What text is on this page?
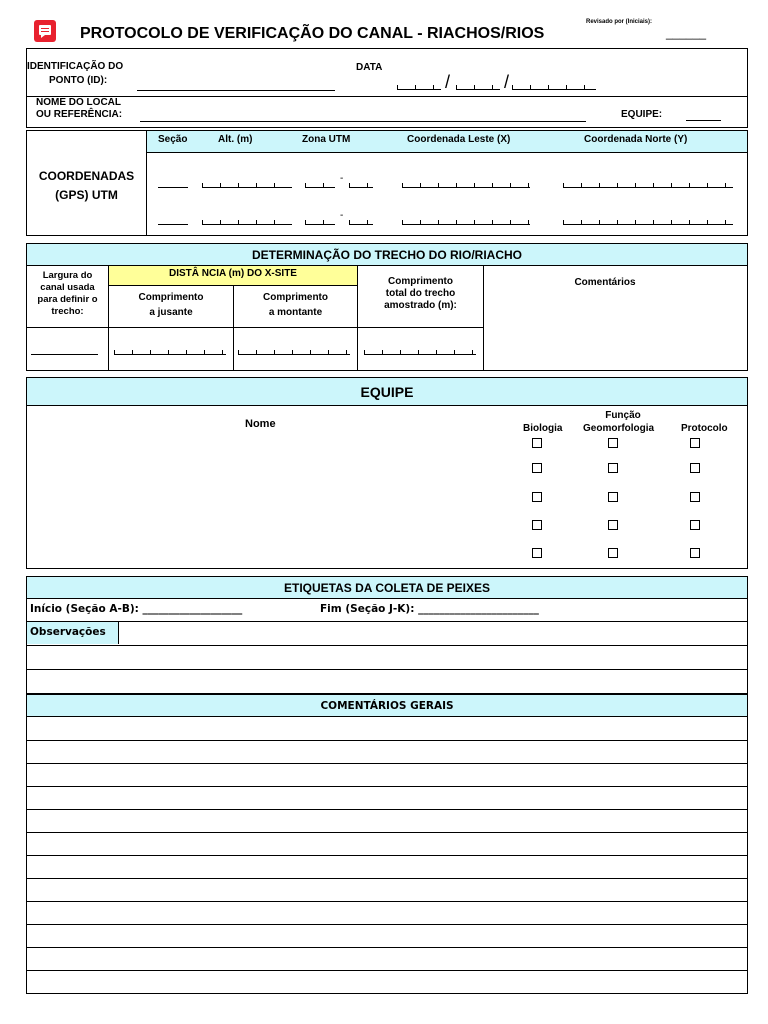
PROTOCOLO DE VERIFICAÇÃO DO CANAL - RIACHOS/RIOS
Revisado por (Iniciais):
______
IDENTIFICAÇÃO DO
PONTO (ID):
DATA
/	/
NOME DO LOCAL
OU REFERÊNCIA:	EQUIPE:
COORDENADAS
(GPS) UTM
Seção	Alt. (m)	Zona UTM	Coordenada Leste (X)	Coordenada Norte (Y)
-
-
DETERMINAÇÃO DO TRECHO DO RIO/RIACHO
Largura do
canal usada
para definir o
trecho:
DISTÂ NCIA (m) DO X-SITE
Comprimento
a jusante
Comprimento
a montante
Comprimento
total do trecho
amostrado (m):
Comentários
EQUIPE
Nome
Função
Biologia Geomorfologia	Protocolo
ETIQUETAS DA COLETA DE PEIXES
Início (Seção A-B): ___________________	Fim (Seção J-K): _______________________
Observações
COMENTÁRIOS GERAIS
